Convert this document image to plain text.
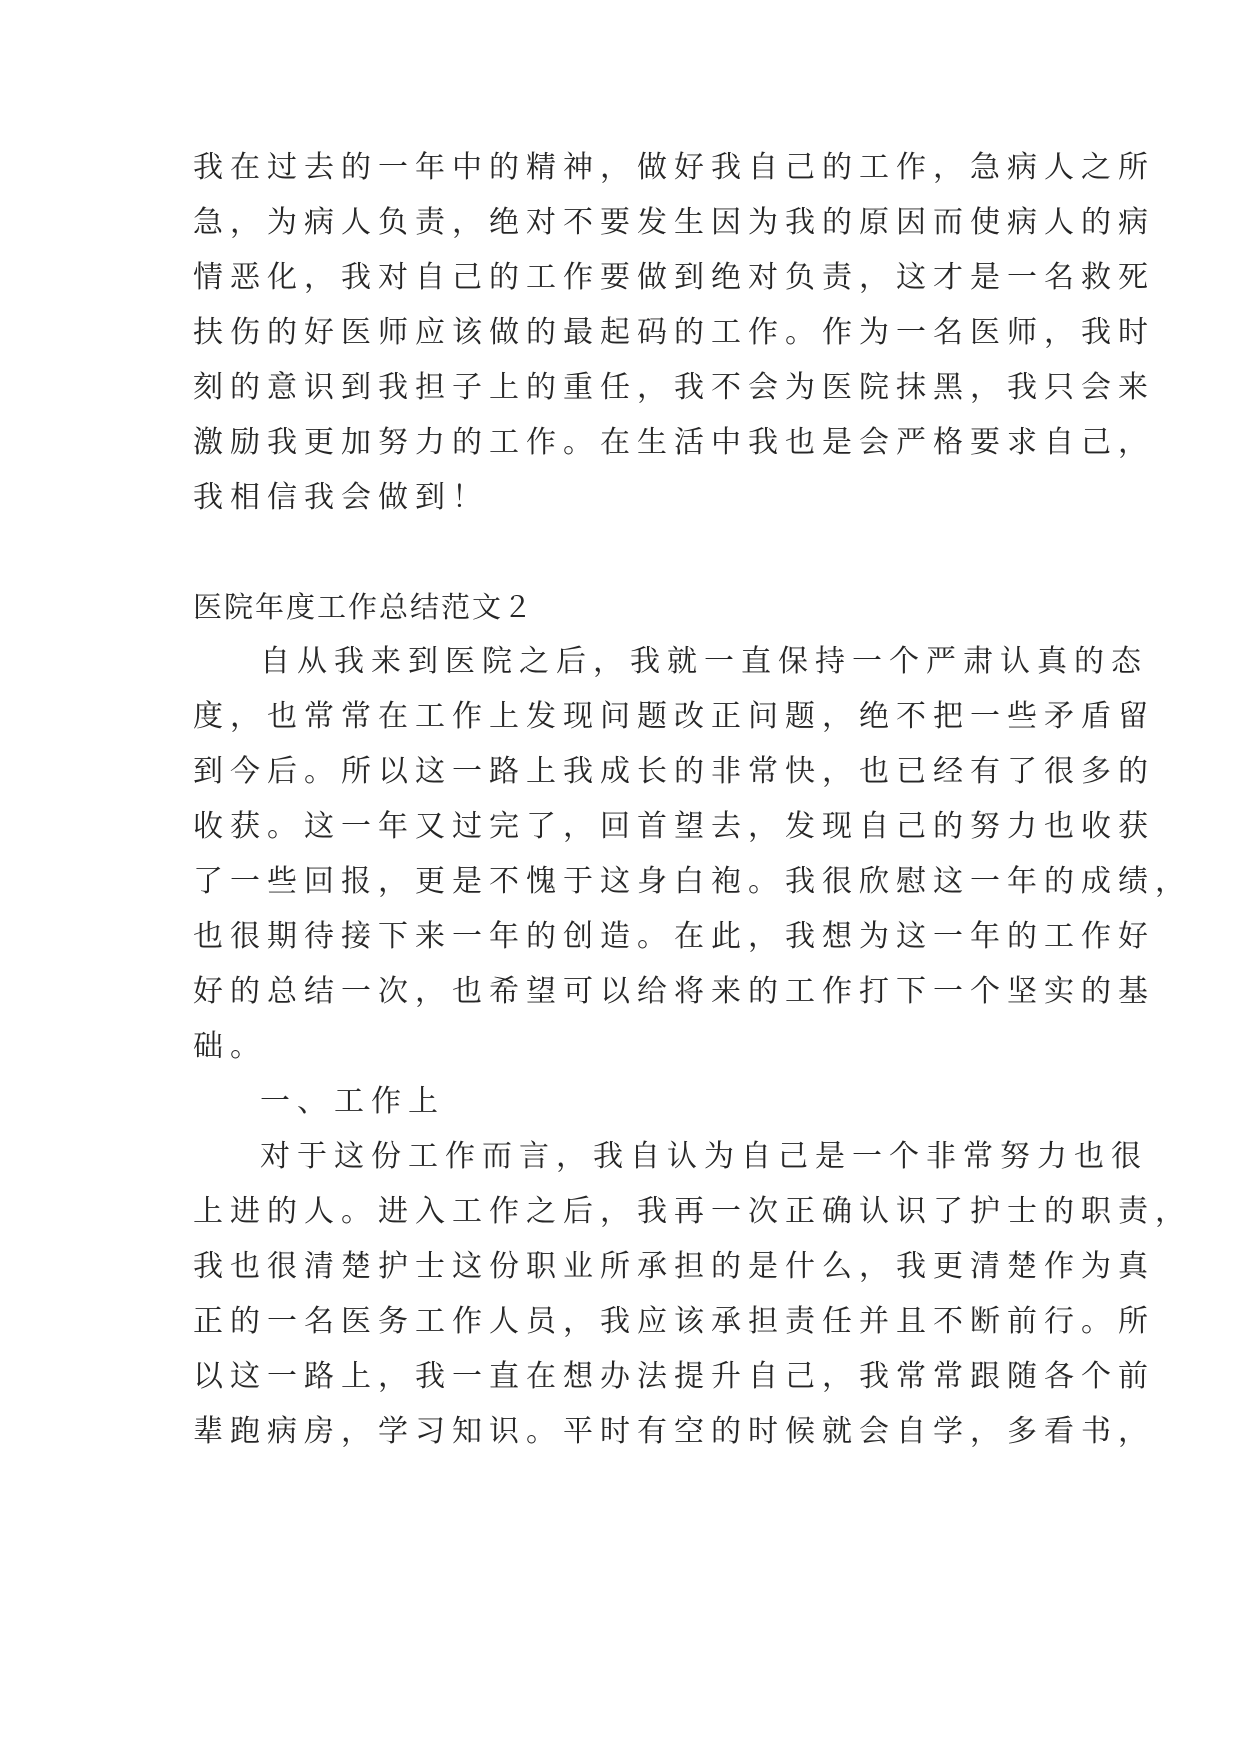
我在过去的一年中的精神，做好我自己的工作，急病人之所
急，为病人负责，绝对不要发生因为我的原因而使病人的病
情恶化，我对自己的工作要做到绝对负责，这才是一名救死
扶伤的好医师应该做的最起码的工作。作为一名医师，我时
刻的意识到我担子上的重任，我不会为医院抹黑，我只会来
激励我更加努力的工作。在生活中我也是会严格要求自己，
我相信我会做到！
医院年度工作总结范文２
自从我来到医院之后，我就一直保持一个严肃认真的态
度，也常常在工作上发现问题改正问题，绝不把一些矛盾留
到今后。所以这一路上我成长的非常快，也已经有了很多的
收获。这一年又过完了，回首望去，发现自己的努力也收获
了一些回报，更是不愧于这身白袍。我很欣慰这一年的成绩，
也很期待接下来一年的创造。在此，我想为这一年的工作好
好的总结一次，也希望可以给将来的工作打下一个坚实的基
础。
一、工作上
对于这份工作而言，我自认为自己是一个非常努力也很
上进的人。进入工作之后，我再一次正确认识了护士的职责，
我也很清楚护士这份职业所承担的是什么，我更清楚作为真
正的一名医务工作人员，我应该承担责任并且不断前行。所
以这一路上，我一直在想办法提升自己，我常常跟随各个前
辈跑病房，学习知识。平时有空的时候就会自学，多看书，
